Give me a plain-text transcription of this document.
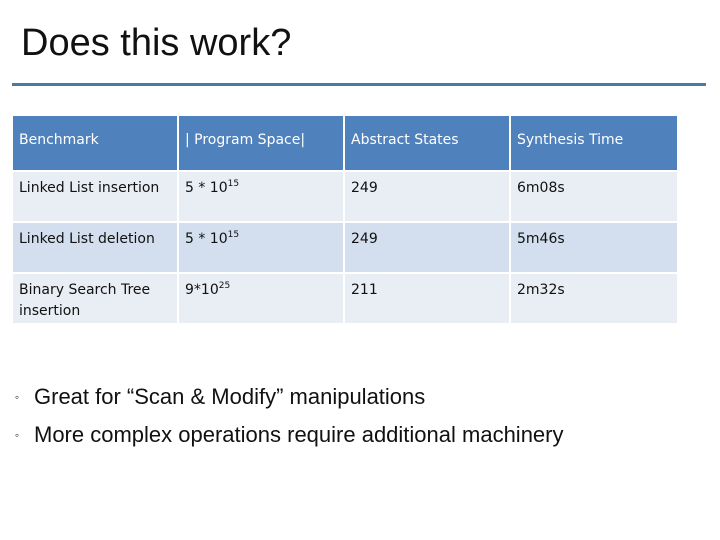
Does this work?
Benchmark	| Program Space|	Abstract States	Synthesis Time
Linked List insertion	$5 * 10^{15}$	249	6m08s
Linked List deletion	$5 * 10^{15}$	249	5m46s
Binary Search Tree insertion	$9*10^{25}$	211	2m32s
◦ Great for “Scan & Modify” manipulations
◦ More complex operations require additional machinery
